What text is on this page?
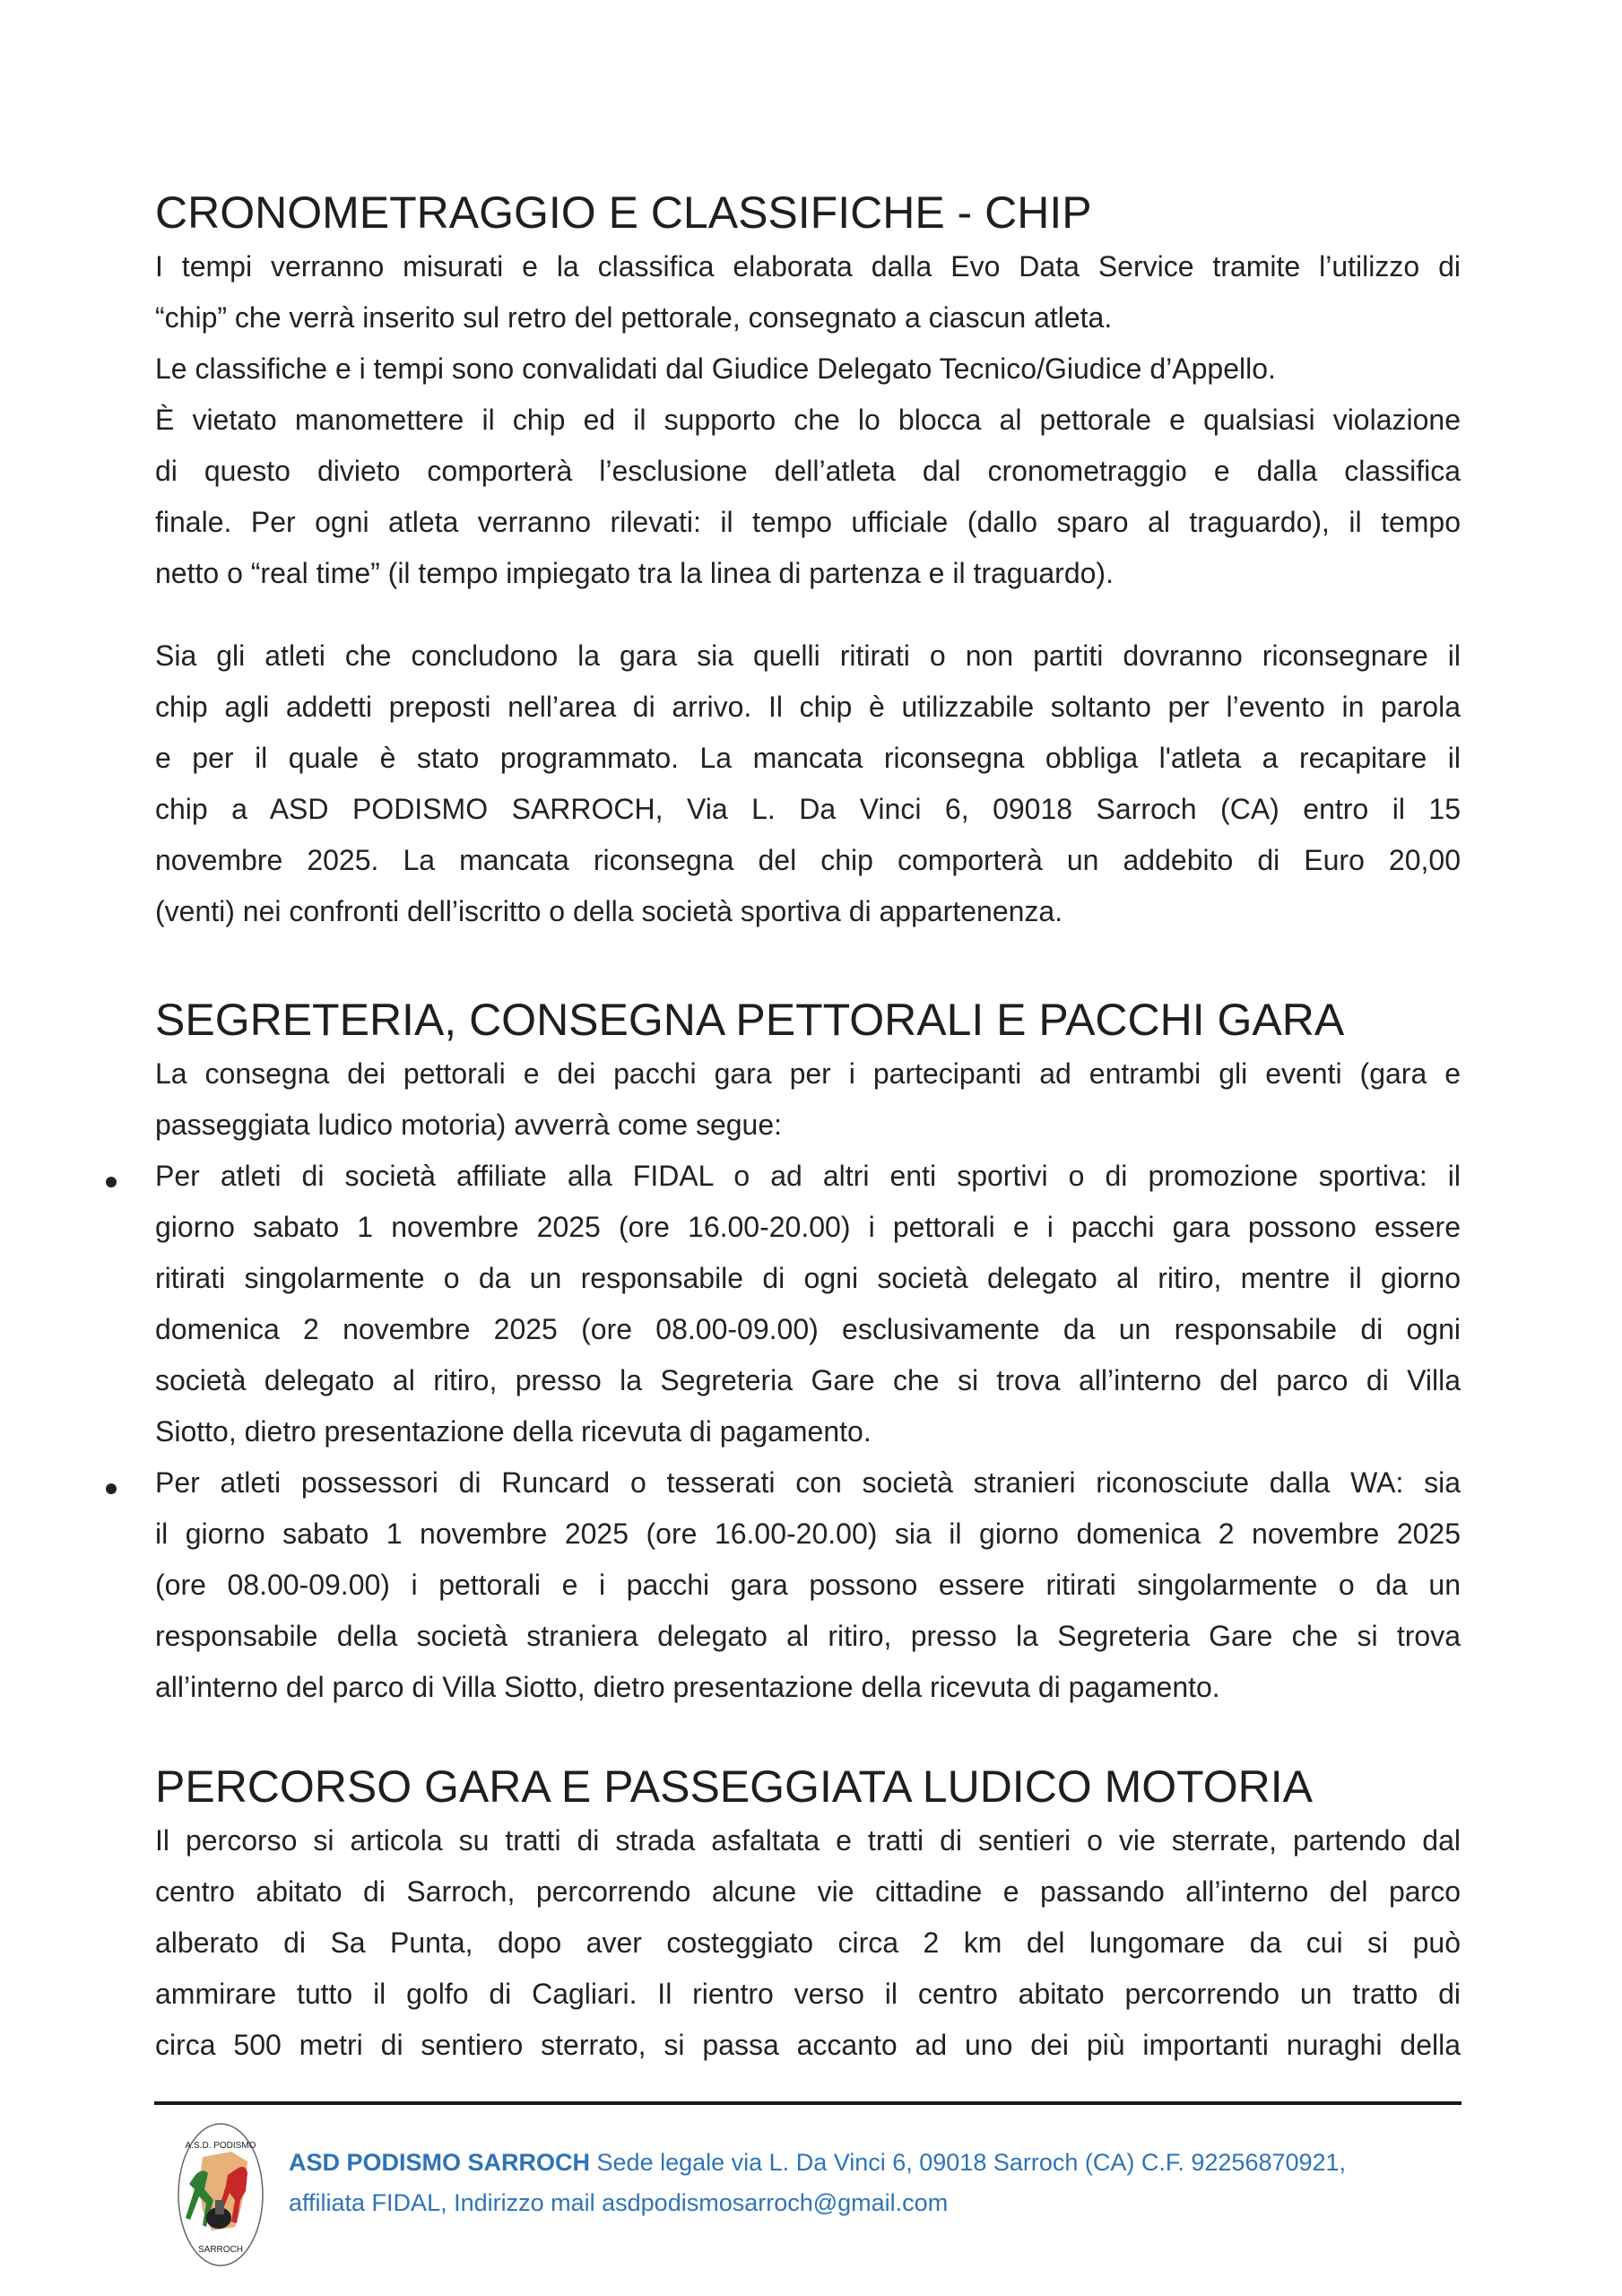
CRONOMETRAGGIO E CLASSIFICHE - CHIP
I tempi verranno misurati e la classifica elaborata dalla Evo Data Service tramite l’utilizzo di
“chip” che verrà inserito sul retro del pettorale, consegnato a ciascun atleta.
Le classifiche e i tempi sono convalidati dal Giudice Delegato Tecnico/Giudice d’Appello.
È vietato manomettere il chip ed il supporto che lo blocca al pettorale e qualsiasi violazione
di questo divieto comporterà l’esclusione dell’atleta dal cronometraggio e dalla classifica
finale. Per ogni atleta verranno rilevati: il tempo ufficiale (dallo sparo al traguardo), il tempo
netto o “real time” (il tempo impiegato tra la linea di partenza e il traguardo).
Sia gli atleti che concludono la gara sia quelli ritirati o non partiti dovranno riconsegnare il
chip agli addetti preposti nell’area di arrivo. Il chip è utilizzabile soltanto per l’evento in parola
e per il quale è stato programmato. La mancata riconsegna obbliga l'atleta a recapitare il
chip a ASD PODISMO SARROCH, Via L. Da Vinci 6, 09018 Sarroch (CA) entro il 15
novembre 2025. La mancata riconsegna del chip comporterà un addebito di Euro 20,00
(venti) nei confronti dell’iscritto o della società sportiva di appartenenza.
SEGRETERIA, CONSEGNA PETTORALI E PACCHI GARA
La consegna dei pettorali e dei pacchi gara per i partecipanti ad entrambi gli eventi (gara e
passeggiata ludico motoria) avverrà come segue:
Per atleti di società affiliate alla FIDAL o ad altri enti sportivi o di promozione sportiva: il
giorno sabato 1 novembre 2025 (ore 16.00-20.00) i pettorali e i pacchi gara possono essere
ritirati singolarmente o da un responsabile di ogni società delegato al ritiro, mentre il giorno
domenica 2 novembre 2025 (ore 08.00-09.00) esclusivamente da un responsabile di ogni
società delegato al ritiro, presso la Segreteria Gare che si trova all’interno del parco di Villa
Siotto, dietro presentazione della ricevuta di pagamento.
Per atleti possessori di Runcard o tesserati con società stranieri riconosciute dalla WA: sia
il giorno sabato 1 novembre 2025 (ore 16.00-20.00) sia il giorno domenica 2 novembre 2025
(ore 08.00-09.00) i pettorali e i pacchi gara possono essere ritirati singolarmente o da un
responsabile della società straniera delegato al ritiro, presso la Segreteria Gare che si trova
all’interno del parco di Villa Siotto, dietro presentazione della ricevuta di pagamento.
PERCORSO GARA E PASSEGGIATA LUDICO MOTORIA
Il percorso si articola su tratti di strada asfaltata e tratti di sentieri o vie sterrate, partendo dal
centro abitato di Sarroch, percorrendo alcune vie cittadine e passando all’interno del parco
alberato di Sa Punta, dopo aver costeggiato circa 2 km del lungomare da cui si può
ammirare tutto il golfo di Cagliari. Il rientro verso il centro abitato percorrendo un tratto di
circa 500 metri di sentiero sterrato, si passa accanto ad uno dei più importanti nuraghi della
A.S.D. PODISMO
SARROCH
ASD PODISMO SARROCH Sede legale via L. Da Vinci 6, 09018 Sarroch (CA) C.F. 92256870921,
affiliata FIDAL, Indirizzo mail asdpodismosarroch@gmail.com
